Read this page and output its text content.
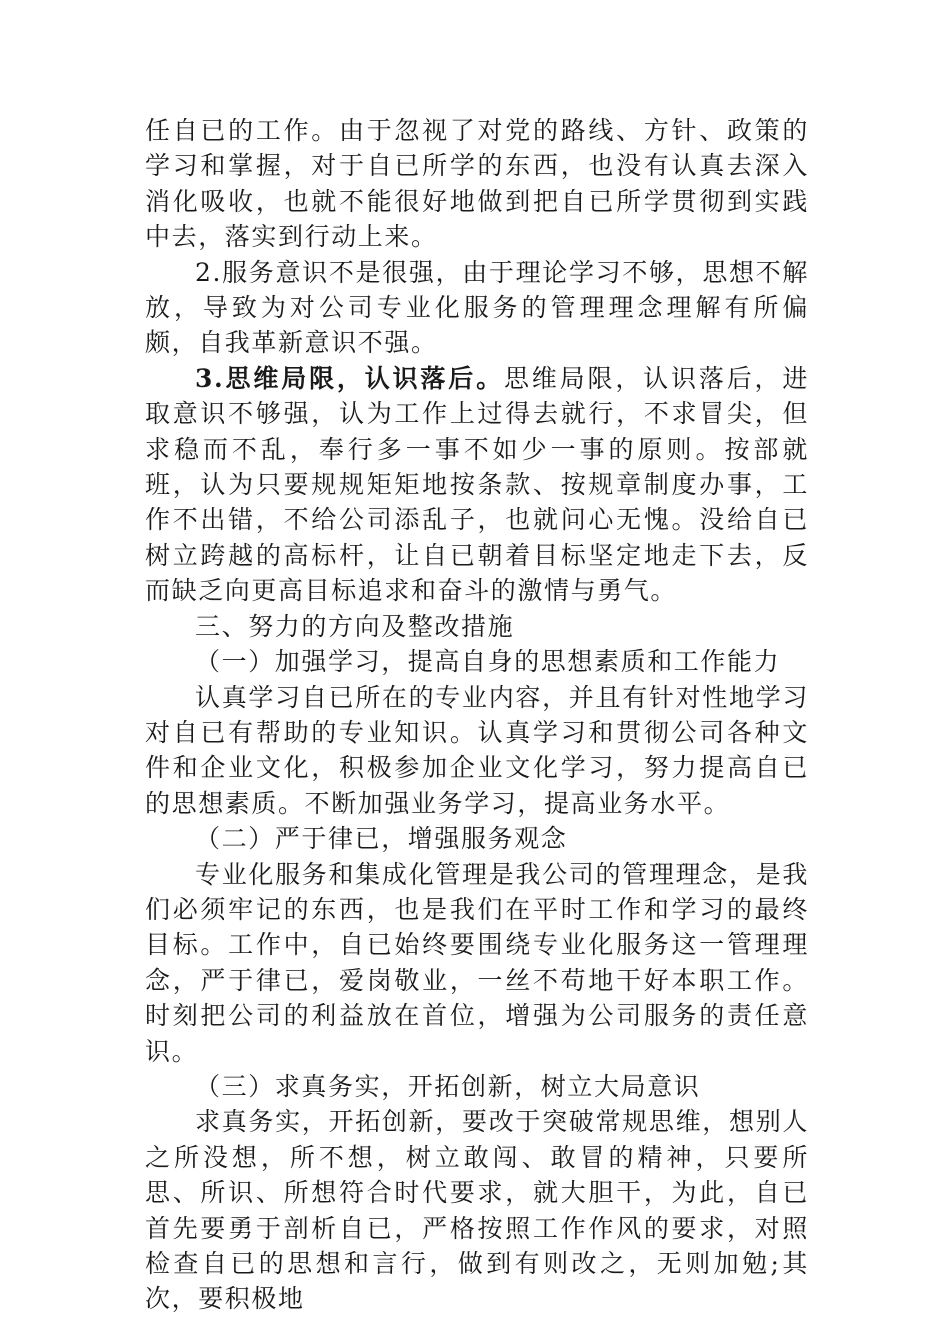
任自已的工作。由于忽视了对党的路线、方针、政策的学习和掌握，对于自已所学的东西，也没有认真去深入消化吸收，也就不能很好地做到把自已所学贯彻到实践中去，落实到行动上来。

2.服务意识不是很强，由于理论学习不够，思想不解放，导致为对公司专业化服务的管理理念理解有所偏颇，自我革新意识不强。

3.思维局限，认识落后。思维局限，认识落后，进取意识不够强，认为工作上过得去就行，不求冒尖，但求稳而不乱，奉行多一事不如少一事的原则。按部就班，认为只要规规矩矩地按条款、按规章制度办事，工作不出错，不给公司添乱子，也就问心无愧。没给自已树立跨越的高标杆，让自已朝着目标坚定地走下去，反而缺乏向更高目标追求和奋斗的激情与勇气。

三、努力的方向及整改措施

（一）加强学习，提高自身的思想素质和工作能力

认真学习自已所在的专业内容，并且有针对性地学习对自已有帮助的专业知识。认真学习和贯彻公司各种文件和企业文化，积极参加企业文化学习，努力提高自已的思想素质。不断加强业务学习，提高业务水平。

（二）严于律已，增强服务观念

专业化服务和集成化管理是我公司的管理理念，是我们必须牢记的东西，也是我们在平时工作和学习的最终目标。工作中，自已始终要围绕专业化服务这一管理理念，严于律已，爱岗敬业，一丝不苟地干好本职工作。时刻把公司的利益放在首位，增强为公司服务的责任意识。

（三）求真务实，开拓创新，树立大局意识

求真务实，开拓创新，要改于突破常规思维，想别人之所没想，所不想，树立敢闯、敢冒的精神，只要所思、所识、所想符合时代要求，就大胆干，为此，自已首先要勇于剖析自已，严格按照工作作风的要求，对照检查自已的思想和言行，做到有则改之，无则加勉;其次，要积极地
